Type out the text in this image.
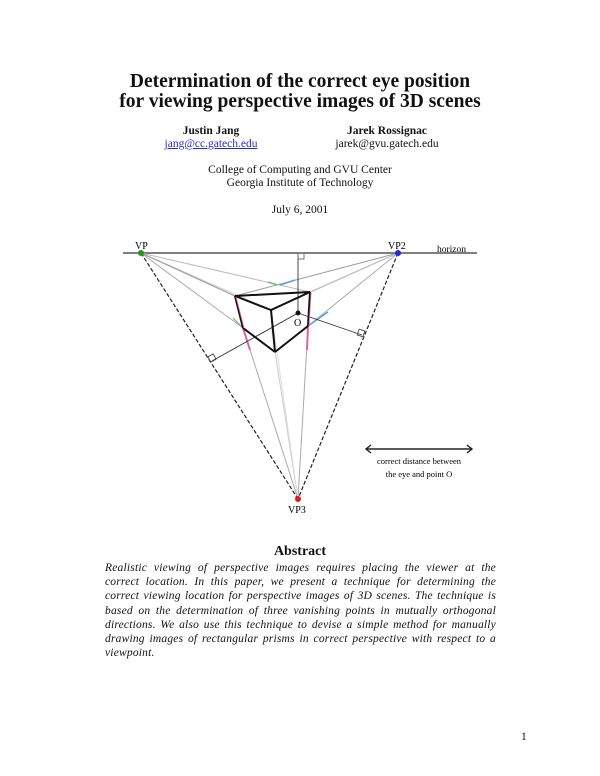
Determination of the correct eye position
for viewing perspective images of 3D scenes
Justin Jang
jang@cc.gatech.edu
Jarek Rossignac
jarek@gvu.gatech.edu
College of Computing and GVU Center
Georgia Institute of Technology
July 6, 2001
VP	VP2	horizon
VP3
O
correct distance between
the eye and point O
Abstract
Realistic viewing of perspective images requires placing the viewer at the correct location. In this paper, we present a technique for determining the correct viewing location for perspective images of 3D scenes. The technique is based on the determination of three vanishing points in mutually orthogonal directions. We also use this technique to devise a simple method for manually drawing images of rectangular prisms in correct perspective with respect to a viewpoint.
1
